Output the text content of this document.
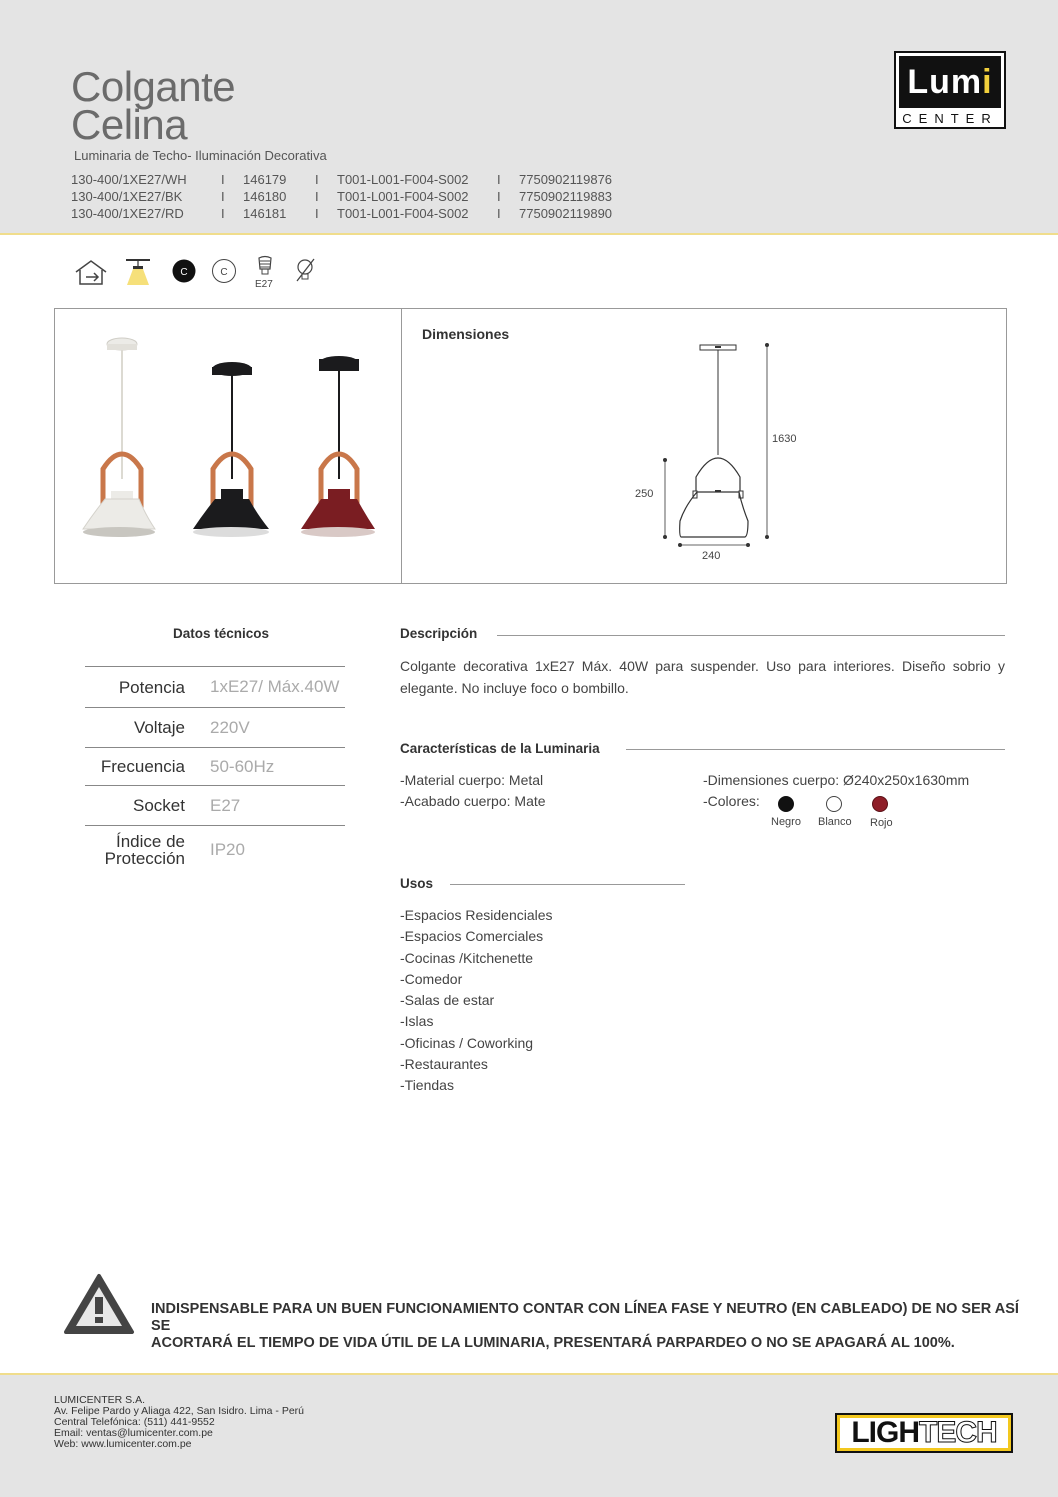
Colgante
Celina
Luminaria de Techo- Iluminación Decorativa
130-400/1XE27/WH	I	146179	I	T001-L001-F004-S002	I	7750902119876
130-400/1XE27/BK	I	146180	I	T001-L001-F004-S002	I	7750902119883
130-400/1XE27/RD	I	146181	I	T001-L001-F004-S002	I	7750902119890
Lumi
CENTER
C	C
E27
Dimensiones
1630
250
240
Datos técnicos
Potencia 1xE27/ Máx.40W
Voltaje 220V
Frecuencia 50-60Hz
Socket E27
Índice de
Protección IP20
Descripción
Colgante decorativa 1xE27 Máx. 40W para suspender. Uso para interiores. Diseño sobrio y elegante. No incluye foco o bombillo.
Características de la Luminaria
-Material cuerpo: Metal
-Acabado cuerpo: Mate
-Dimensiones cuerpo: Ø240x250x1630mm
-Colores:
Negro Blanco Rojo
Usos
-Espacios Residenciales
-Espacios Comerciales
-Cocinas /Kitchenette
-Comedor
-Salas de estar
-Islas
-Oficinas / Coworking
-Restaurantes
-Tiendas
INDISPENSABLE PARA UN BUEN FUNCIONAMIENTO CONTAR CON LÍNEA FASE Y NEUTRO (EN CABLEADO) DE NO SER ASÍ SE
ACORTARÁ EL TIEMPO DE VIDA ÚTIL DE LA LUMINARIA, PRESENTARÁ PARPARDEO O NO SE APAGARÁ AL 100%.
LUMICENTER S.A.
Av. Felipe Pardo y Aliaga 422, San Isidro. Lima - Perú
Central Telefónica: (511) 441-9552
Email: ventas@lumicenter.com.pe
Web: www.lumicenter.com.pe	LIGHTECH
